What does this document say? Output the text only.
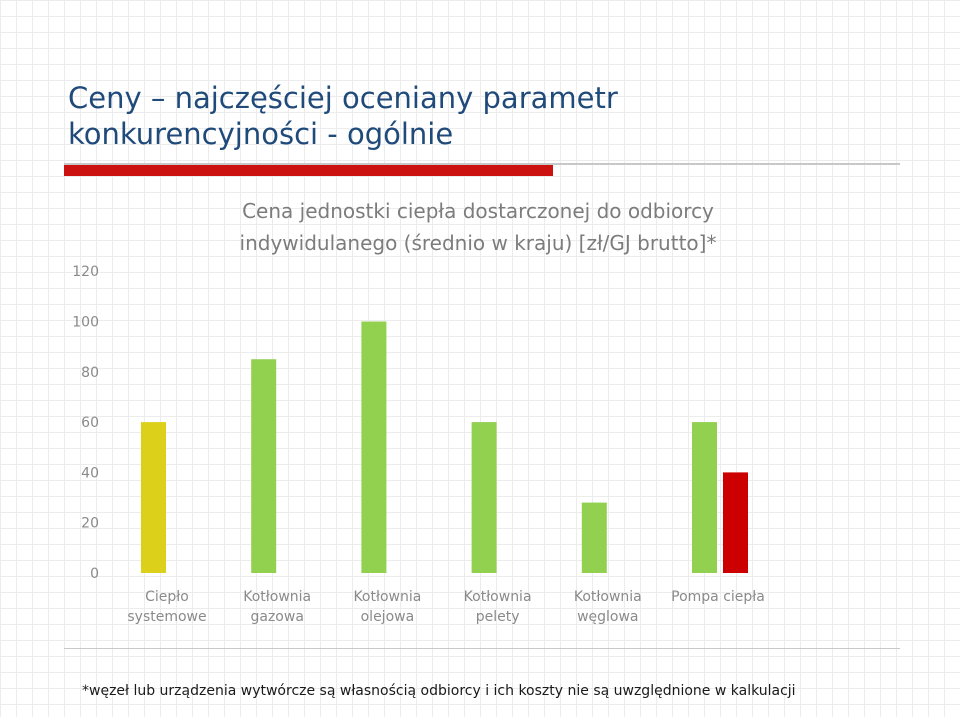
Ceny – najczęściej oceniany parametr
konkurencyjności - ogólnie
Cena jednostki ciepła dostarczonej do odbiorcy
indywidulanego (średnio w kraju) [zł/GJ brutto]*
0
20
40
60
80
100
120
Ciepło
systemowe
Kotłownia
gazowa
Kotłownia
olejowa
Kotłownia
pelety
Kotłownia
węglowa
Pompa ciepła
*węzeł lub urządzenia wytwórcze są własnością odbiorcy i ich koszty nie są uwzględnione w kalkulacji
